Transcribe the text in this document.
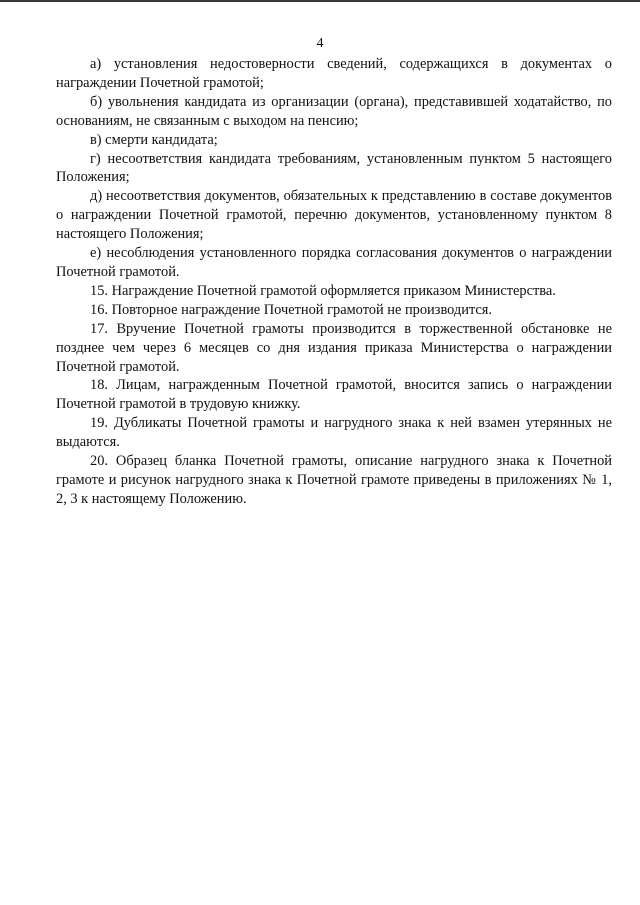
4

а) установления недостоверности сведений, содержащихся в документах о награждении Почетной грамотой;

б) увольнения кандидата из организации (органа), представившей ходатайство, по основаниям, не связанным с выходом на пенсию;

в) смерти кандидата;

г) несоответствия кандидата требованиям, установленным пунктом 5 настоящего Положения;

д) несоответствия документов, обязательных к представлению в составе документов о награждении Почетной грамотой, перечню документов, установленному пунктом 8 настоящего Положения;

е) несоблюдения установленного порядка согласования документов о награждении Почетной грамотой.

15. Награждение Почетной грамотой оформляется приказом Министерства.

16. Повторное награждение Почетной грамотой не производится.

17. Вручение Почетной грамоты производится в торжественной обстановке не позднее чем через 6 месяцев со дня издания приказа Министерства о награждении Почетной грамотой.

18. Лицам, награжденным Почетной грамотой, вносится запись о награждении Почетной грамотой в трудовую книжку.

19. Дубликаты Почетной грамоты и нагрудного знака к ней взамен утерянных не выдаются.

20. Образец бланка Почетной грамоты, описание нагрудного знака к Почетной грамоте и рисунок нагрудного знака к Почетной грамоте приведены в приложениях № 1, 2, 3 к настоящему Положению.
